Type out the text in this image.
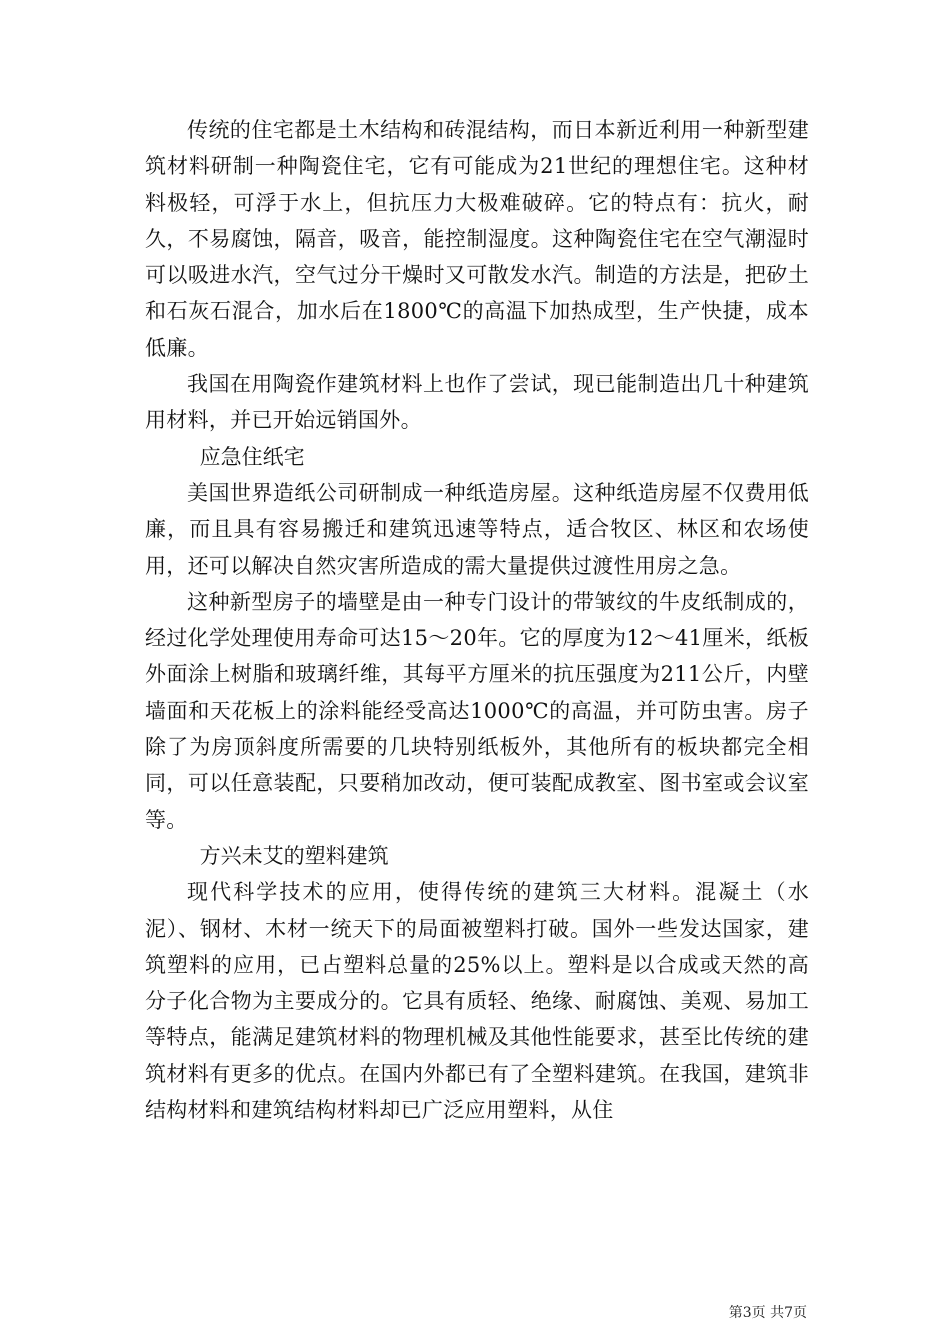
传统的住宅都是土木结构和砖混结构，而日本新近利用一种新型建筑材料研制一种陶瓷住宅，它有可能成为21世纪的理想住宅。这种材料极轻，可浮于水上，但抗压力大极难破碎。它的特点有：抗火，耐久，不易腐蚀，隔音，吸音，能控制湿度。这种陶瓷住宅在空气潮湿时可以吸进水汽，空气过分干燥时又可散发水汽。制造的方法是，把矽土和石灰石混合，加水后在1800℃的高温下加热成型，生产快捷，成本低廉。

我国在用陶瓷作建筑材料上也作了尝试，现已能制造出几十种建筑用材料，并已开始远销国外。

应急住纸宅

美国世界造纸公司研制成一种纸造房屋。这种纸造房屋不仅费用低廉，而且具有容易搬迁和建筑迅速等特点，适合牧区、林区和农场使用，还可以解决自然灾害所造成的需大量提供过渡性用房之急。

这种新型房子的墙壁是由一种专门设计的带皱纹的牛皮纸制成的，经过化学处理使用寿命可达15～20年。它的厚度为12～41厘米，纸板外面涂上树脂和玻璃纤维，其每平方厘米的抗压强度为211公斤，内壁墙面和天花板上的涂料能经受高达1000℃的高温，并可防虫害。房子除了为房顶斜度所需要的几块特别纸板外，其他所有的板块都完全相同，可以任意装配，只要稍加改动，便可装配成教室、图书室或会议室等。

方兴未艾的塑料建筑

现代科学技术的应用，使得传统的建筑三大材料。混凝土（水泥）、钢材、木材一统天下的局面被塑料打破。国外一些发达国家，建筑塑料的应用，已占塑料总量的25%以上。塑料是以合成或天然的高分子化合物为主要成分的。它具有质轻、绝缘、耐腐蚀、美观、易加工等特点，能满足建筑材料的物理机械及其他性能要求，甚至比传统的建筑材料有更多的优点。在国内外都已有了全塑料建筑。在我国，建筑非结构材料和建筑结构材料却已广泛应用塑料，从住

第3页 共7页
